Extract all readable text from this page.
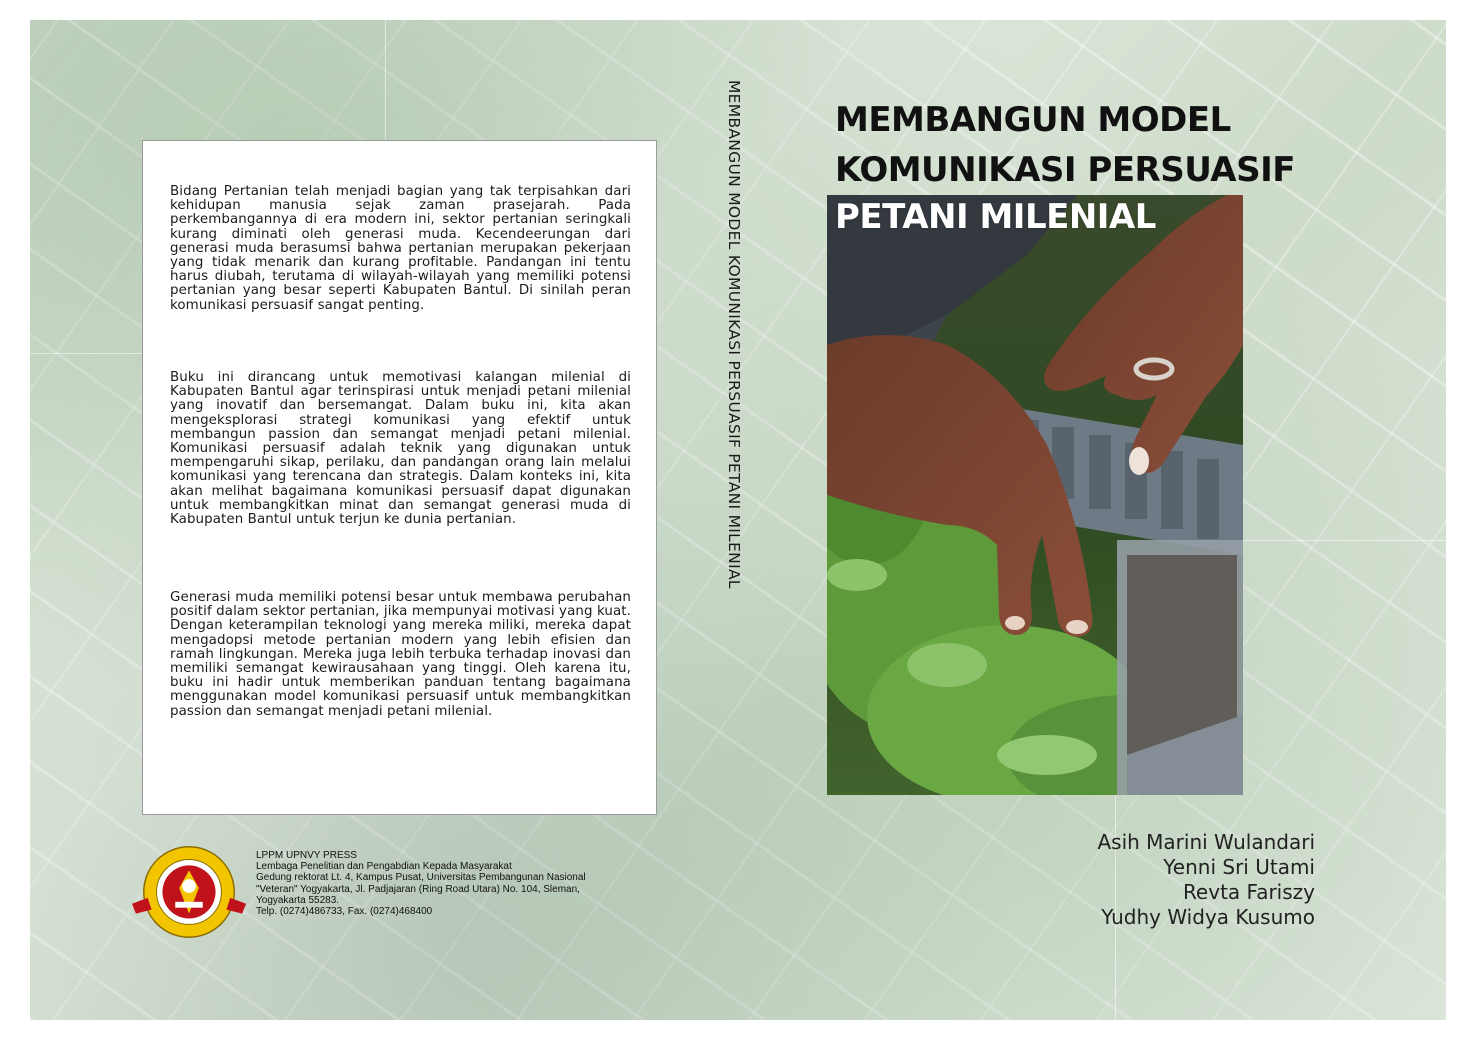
Bidang Pertanian telah menjadi bagian yang tak terpisahkan dari kehidupan manusia sejak zaman prasejarah. Pada perkembangannya di era modern ini, sektor pertanian seringkali kurang diminati oleh generasi muda. Kecendeerungan dari generasi muda berasumsi bahwa pertanian merupakan pekerjaan yang tidak menarik dan kurang profitable. Pandangan ini tentu harus diubah, terutama di wilayah-wilayah yang memiliki potensi pertanian yang besar seperti Kabupaten Bantul. Di sinilah peran komunikasi persuasif sangat penting.

Buku ini dirancang untuk memotivasi kalangan milenial di Kabupaten Bantul agar terinspirasi untuk menjadi petani milenial yang inovatif dan bersemangat. Dalam buku ini, kita akan mengeksplorasi strategi komunikasi yang efektif untuk membangun passion dan semangat menjadi petani milenial. Komunikasi persuasif adalah teknik yang digunakan untuk mempengaruhi sikap, perilaku, dan pandangan orang lain melalui komunikasi yang terencana dan strategis. Dalam konteks ini, kita akan melihat bagaimana komunikasi persuasif dapat digunakan untuk membangkitkan minat dan semangat generasi muda di Kabupaten Bantul untuk terjun ke dunia pertanian.

Generasi muda memiliki potensi besar untuk membawa perubahan positif dalam sektor pertanian, jika mempunyai motivasi yang kuat. Dengan keterampilan teknologi yang mereka miliki, mereka dapat mengadopsi metode pertanian modern yang lebih efisien dan ramah lingkungan. Mereka juga lebih terbuka terhadap inovasi dan memiliki semangat kewirausahaan yang tinggi. Oleh karena itu, buku ini hadir untuk memberikan panduan tentang bagaimana menggunakan model komunikasi persuasif untuk membangkitkan passion dan semangat menjadi petani milenial.

LPPM UPNVY PRESS
Lembaga Penelitian dan Pengabdian Kepada Masyarakat
Gedung rektorat Lt. 4, Kampus Pusat, Universitas Pembangunan Nasional
"Veteran" Yogyakarta, Jl. Padjajaran (Ring Road Utara) No. 104, Sleman,
Yogyakarta 55283.
Telp. (0274)486733, Fax. (0274)468400
MEMBANGUN MODEL KOMUNIKASI PERSUASIF PETANI MILENIAL	MEMBANGUN MODEL
KOMUNIKASI PERSUASIF
PETANI MILENIAL

Asih Marini Wulandari

Yenni Sri Utami

Revta Fariszy

Yudhy Widya Kusumo
